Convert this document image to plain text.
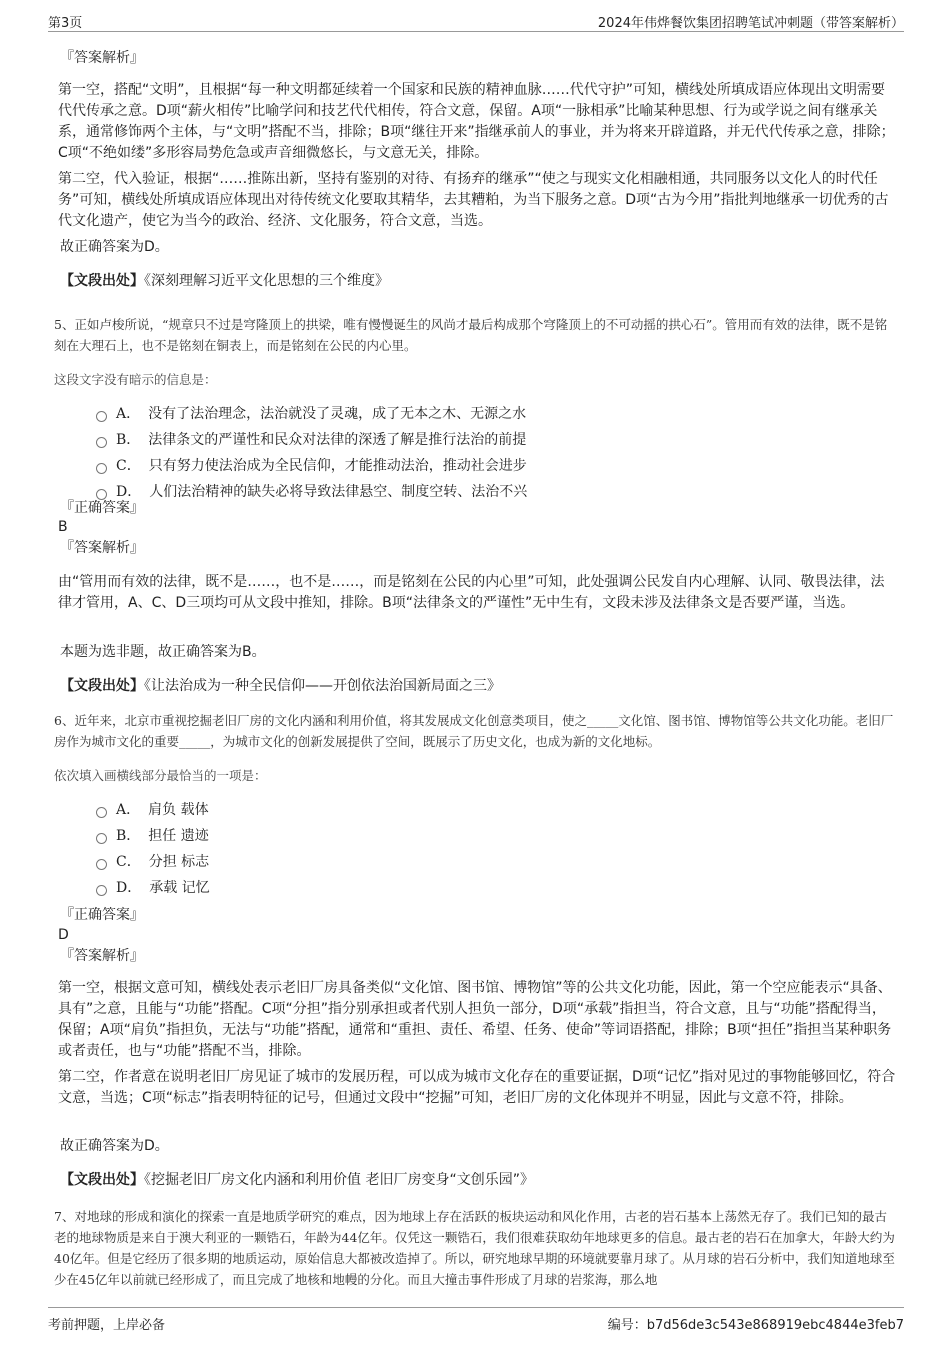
第3页	2024年伟烨餐饮集团招聘笔试冲刺题（带答案解析）
『答案解析』
第一空，搭配“文明”，且根据“每一种文明都延续着一个国家和民族的精神血脉……代代守护”可知，横线处所填成语应体现出文明需要代代传承之意。D项“薪火相传”比喻学问和技艺代代相传，符合文意，保留。A项“一脉相承”比喻某种思想、行为或学说之间有继承关系，通常修饰两个主体，与“文明”搭配不当，排除；B项“继往开来”指继承前人的事业，并为将来开辟道路，并无代代传承之意，排除；C项“不绝如缕”多形容局势危急或声音细微悠长，与文意无关，排除。
第二空，代入验证，根据“……推陈出新，坚持有鉴别的对待、有扬弃的继承”“使之与现实文化相融相通，共同服务以文化人的时代任务”可知，横线处所填成语应体现出对待传统文化要取其精华，去其糟粕，为当下服务之意。D项“古为今用”指批判地继承一切优秀的古代文化遗产，使它为当今的政治、经济、文化服务，符合文意，当选。
故正确答案为D。
【文段出处】《深刻理解习近平文化思想的三个维度》
5、正如卢梭所说，“规章只不过是穹隆顶上的拱梁，唯有慢慢诞生的风尚才最后构成那个穹隆顶上的不可动摇的拱心石”。管用而有效的法律，既不是铭刻在大理石上，也不是铭刻在铜表上，而是铭刻在公民的内心里。
这段文字没有暗示的信息是：
A． 没有了法治理念，法治就没了灵魂，成了无本之木、无源之水
B． 法律条文的严谨性和民众对法律的深透了解是推行法治的前提
C． 只有努力使法治成为全民信仰，才能推动法治，推动社会进步
D． 人们法治精神的缺失必将导致法律悬空、制度空转、法治不兴
『正确答案』
B
『答案解析』
由“管用而有效的法律，既不是……，也不是……，而是铭刻在公民的内心里”可知，此处强调公民发自内心理解、认同、敬畏法律，法律才管用，A、C、D三项均可从文段中推知，排除。B项“法律条文的严谨性”无中生有，文段未涉及法律条文是否要严谨，当选。
本题为选非题，故正确答案为B。
【文段出处】《让法治成为一种全民信仰——开创依法治国新局面之三》
6、近年来，北京市重视挖掘老旧厂房的文化内涵和利用价值，将其发展成文化创意类项目，使之_____文化馆、图书馆、博物馆等公共文化功能。老旧厂房作为城市文化的重要_____，为城市文化的创新发展提供了空间，既展示了历史文化，也成为新的文化地标。
依次填入画横线部分最恰当的一项是：
A． 肩负 载体
B． 担任 遗迹
C． 分担 标志
D． 承载 记忆
『正确答案』
D
『答案解析』
第一空，根据文意可知，横线处表示老旧厂房具备类似“文化馆、图书馆、博物馆”等的公共文化功能，因此，第一个空应能表示“具备、具有”之意，且能与“功能”搭配。C项“分担”指分别承担或者代别人担负一部分，D项“承载”指担当，符合文意，且与“功能”搭配得当，保留；A项“肩负”指担负，无法与“功能”搭配，通常和“重担、责任、希望、任务、使命”等词语搭配，排除；B项“担任”指担当某种职务或者责任，也与“功能”搭配不当，排除。
第二空，作者意在说明老旧厂房见证了城市的发展历程，可以成为城市文化存在的重要证据，D项“记忆”指对见过的事物能够回忆，符合文意，当选；C项“标志”指表明特征的记号，但通过文段中“挖掘”可知，老旧厂房的文化体现并不明显，因此与文意不符，排除。
故正确答案为D。
【文段出处】《挖掘老旧厂房文化内涵和利用价值 老旧厂房变身“文创乐园”》
7、对地球的形成和演化的探索一直是地质学研究的难点，因为地球上存在活跃的板块运动和风化作用，古老的岩石基本上荡然无存了。我们已知的最古老的地球物质是来自于澳大利亚的一颗锆石，年龄为44亿年。仅凭这一颗锆石，我们很难获取幼年地球更多的信息。最古老的岩石在加拿大，年龄大约为40亿年。但是它经历了很多期的地质运动，原始信息大都被改造掉了。所以，研究地球早期的环境就要靠月球了。从月球的岩石分析中，我们知道地球至少在45亿年以前就已经形成了，而且完成了地核和地幔的分化。而且大撞击事件形成了月球的岩浆海，那么地
考前押题，上岸必备	编号：b7d56de3c543e868919ebc4844e3feb7
